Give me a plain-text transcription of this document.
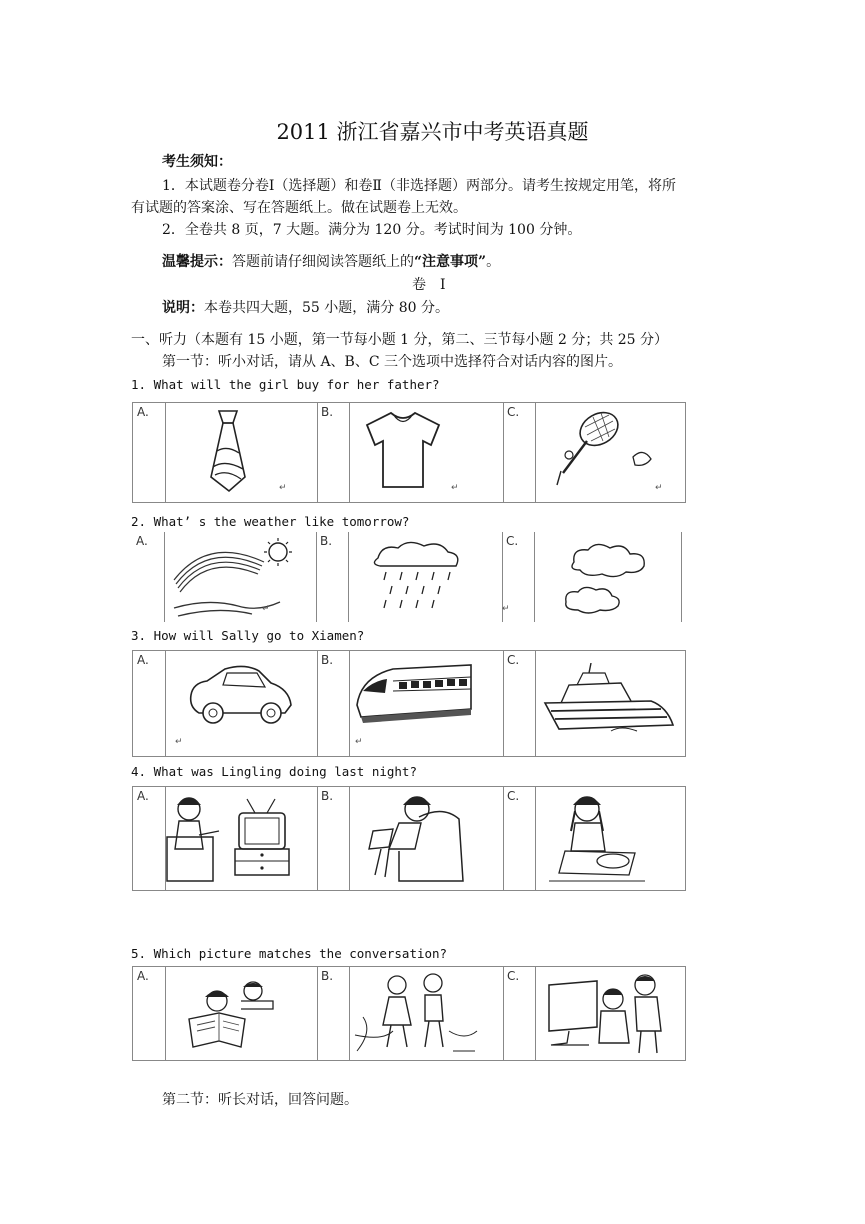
2011 浙江省嘉兴市中考英语真题
考生须知：
1．本试题卷分卷Ⅰ（选择题）和卷Ⅱ（非选择题）两部分。请考生按规定用笔，将所
有试题的答案涂、写在答题纸上。做在试题卷上无效。
2．全卷共 8 页，7 大题。满分为 120 分。考试时间为 100 分钟。
温馨提示：答题前请仔细阅读答题纸上的“注意事项”。
卷　Ⅰ
说明：本卷共四大题，55 小题，满分 80 分。
一、听力（本题有 15 小题，第一节每小题 1 分，第二、三节每小题 2 分；共 25 分）
第一节：听小对话，请从 A、B、C 三个选项中选择符合对话内容的图片。
1. What will the girl buy for her father?
A.	B.	C.
↵	↵	↵
2. What’ s the weather like tomorrow?
A.	B.	C.
↵	↵
3. How will Sally go to Xiamen?
A.	B.	C.
↵	↵
4. What was Lingling doing last night?
A.	B.	C.
5. Which picture matches the conversation?
A.	B.	C.
第二节：听长对话，回答问题。
